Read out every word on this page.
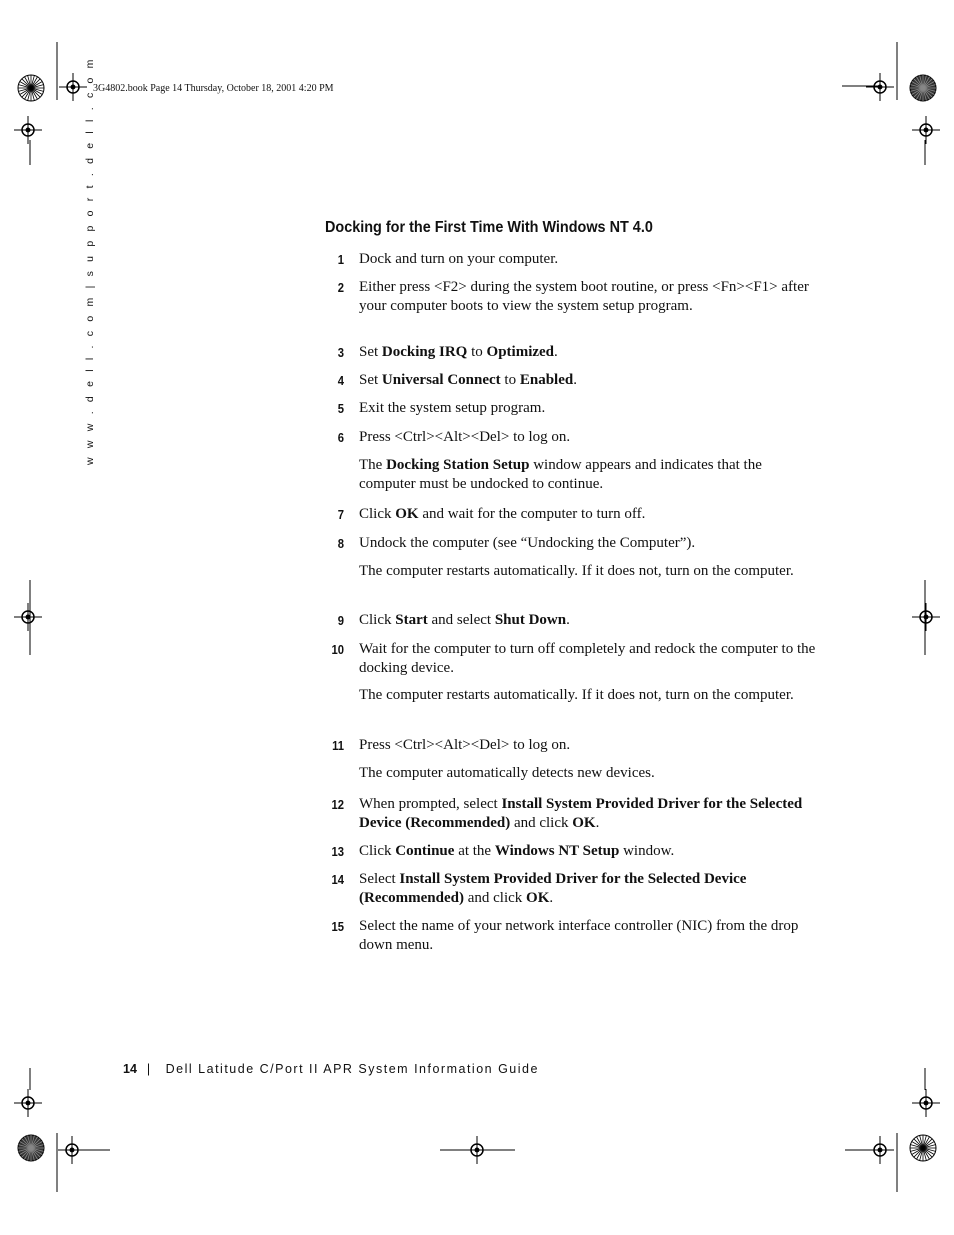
3G4802.book Page 14 Thursday, October 18, 2001 4:20 PM
w w w . d e l l . c o m | s u p p o r t . d e l l . c o m	Docking for the First Time With Windows NT 4.0
1 Dock and turn on your computer.
2 Either press <F2> during the system boot routine, or press <Fn><F1> after your computer boots to view the system setup program.
3 Set Docking IRQ to Optimized.
4 Set Universal Connect to Enabled.
5 Exit the system setup program.
6 Press <Ctrl><Alt><Del> to log on.
The Docking Station Setup window appears and indicates that the computer must be undocked to continue.
7 Click OK and wait for the computer to turn off.
8 Undock the computer (see “Undocking the Computer”).
The computer restarts automatically. If it does not, turn on the computer.
9 Click Start and select Shut Down.
10 Wait for the computer to turn off completely and redock the computer to the docking device.
The computer restarts automatically. If it does not, turn on the computer.
11 Press <Ctrl><Alt><Del> to log on.
The computer automatically detects new devices.
12 When prompted, select Install System Provided Driver for the Selected Device (Recommended) and click OK.
13 Click Continue at the Windows NT Setup window.
14 Select Install System Provided Driver for the Selected Device (Recommended) and click OK.
15 Select the name of your network interface controller (NIC) from the drop down menu.
14 | Dell Latitude C/Port II APR System Information Guide
